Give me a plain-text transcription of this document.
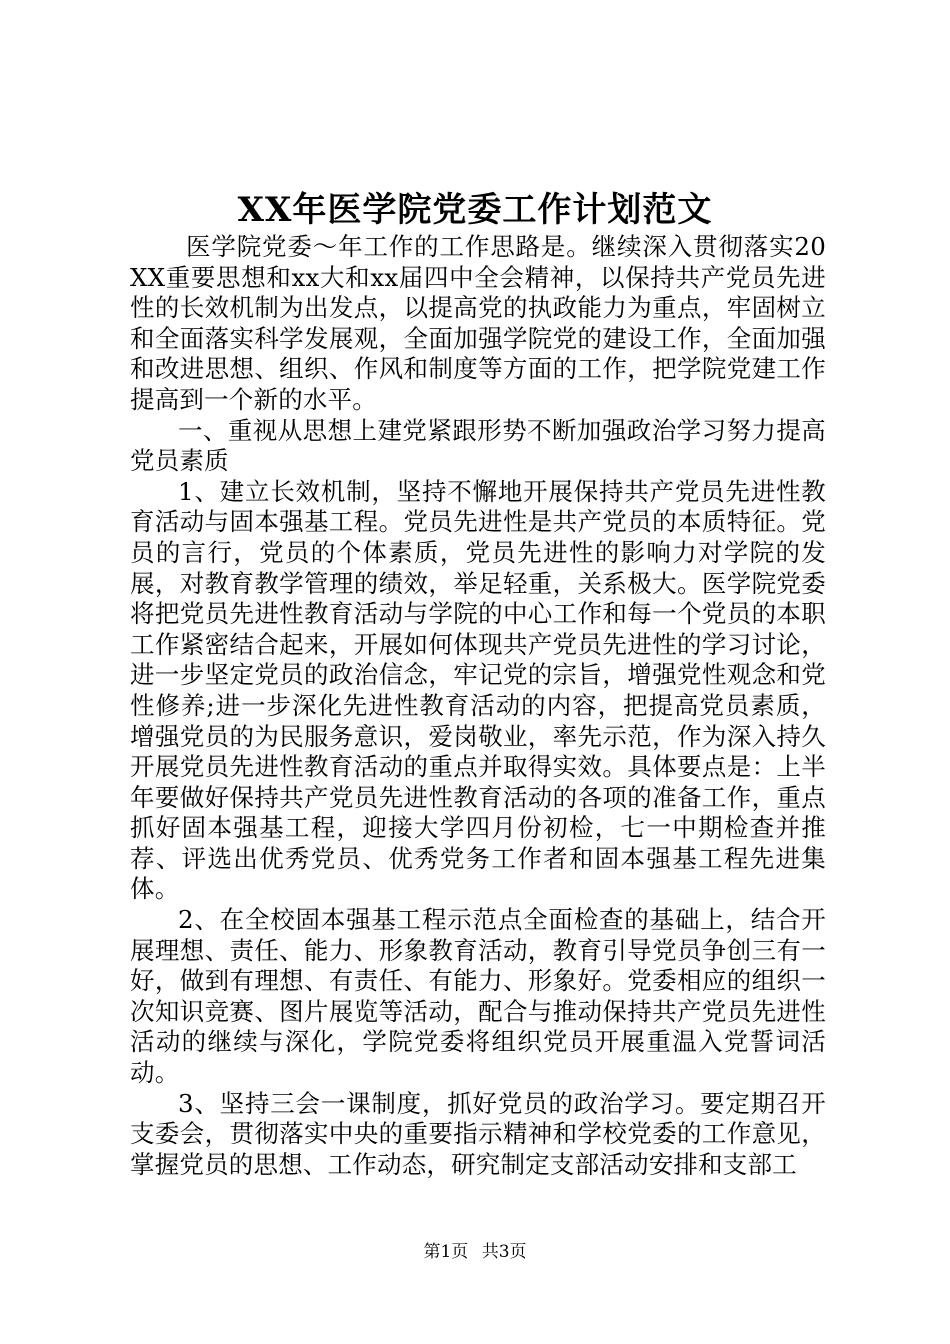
XX年医学院党委工作计划范文

医学院党委～年工作的工作思路是。继续深入贯彻落实20XX重要思想和xx大和xx届四中全会精神，以保持共产党员先进性的长效机制为出发点，以提高党的执政能力为重点，牢固树立和全面落实科学发展观，全面加强学院党的建设工作，全面加强和改进思想、组织、作风和制度等方面的工作，把学院党建工作提高到一个新的水平。

一、重视从思想上建党紧跟形势不断加强政治学习努力提高党员素质

1、建立长效机制，坚持不懈地开展保持共产党员先进性教育活动与固本强基工程。党员先进性是共产党员的本质特征。党员的言行，党员的个体素质，党员先进性的影响力对学院的发展，对教育教学管理的绩效，举足轻重，关系极大。医学院党委将把党员先进性教育活动与学院的中心工作和每一个党员的本职工作紧密结合起来，开展如何体现共产党员先进性的学习讨论，进一步坚定党员的政治信念，牢记党的宗旨，增强党性观念和党性修养;进一步深化先进性教育活动的内容，把提高党员素质，增强党员的为民服务意识，爱岗敬业，率先示范，作为深入持久开展党员先进性教育活动的重点并取得实效。具体要点是：上半年要做好保持共产党员先进性教育活动的各项的准备工作，重点抓好固本强基工程，迎接大学四月份初检，七一中期检查并推荐、评选出优秀党员、优秀党务工作者和固本强基工程先进集体。

2、在全校固本强基工程示范点全面检查的基础上，结合开展理想、责任、能力、形象教育活动，教育引导党员争创三有一好，做到有理想、有责任、有能力、形象好。党委相应的组织一次知识竞赛、图片展览等活动，配合与推动保持共产党员先进性活动的继续与深化，学院党委将组织党员开展重温入党誓词活动。

3、坚持三会一课制度，抓好党员的政治学习。要定期召开支委会，贯彻落实中央的重要指示精神和学校党委的工作意见，掌握党员的思想、工作动态，研究制定支部活动安排和支部工

第1页 共3页
